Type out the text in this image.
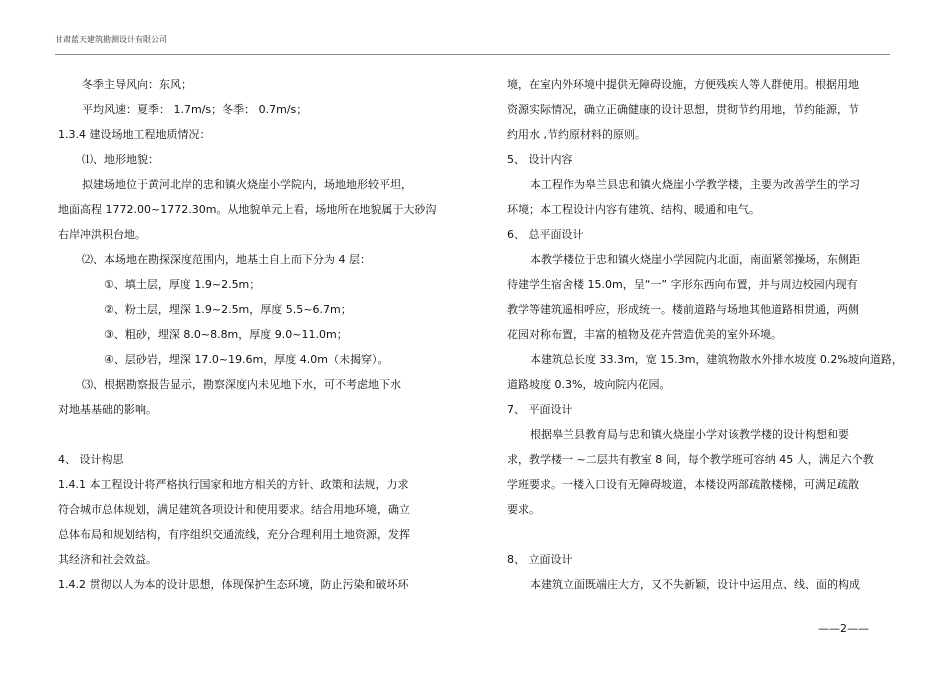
甘肃蓝天建筑勘测设计有限公司
冬季主导风向：东风；
平均风速：夏季： 1.7m/s；冬季： 0.7m/s；
1.3.4 建设场地工程地质情况：
⑴、地形地貌：
拟建场地位于黄河北岸的忠和镇火烧崖小学院内，场地地形较平坦，
地面高程 1772.00~1772.30m。从地貌单元上看，场地所在地貌属于大砂沟
右岸冲洪积台地。
⑵、本场地在勘探深度范围内，地基土自上而下分为 4 层：
①、填土层，厚度 1.9~2.5m；
②、粉土层，埋深 1.9~2.5m，厚度 5.5~6.7m；
③、粗砂，埋深 8.0~8.8m，厚度 9.0~11.0m；
④、层砂岩，埋深 17.0~19.6m，厚度 4.0m（未揭穿）。
⑶、根据勘察报告显示，勘察深度内未见地下水，可不考虑地下水
对地基基础的影响。
4、 设计构思
1.4.1 本工程设计将严格执行国家和地方相关的方针、政策和法规，力求
符合城市总体规划，满足建筑各项设计和使用要求。结合用地环境，确立
总体布局和规划结构，有序组织交通流线，充分合理利用土地资源，发挥
其经济和社会效益。
1.4.2 贯彻以人为本的设计思想，体现保护生态环境，防止污染和破坏环
境，在室内外环境中提供无障碍设施，方便残疾人等人群使用。根据用地
资源实际情况，确立正确健康的设计思想，贯彻节约用地，节约能源，节
约用水 ,节约原材料的原则。
5、 设计内容
本工程作为皋兰县忠和镇火烧崖小学教学楼，主要为改善学生的学习
环境；本工程设计内容有建筑、结构、暖通和电气。
6、 总平面设计
本教学楼位于忠和镇火烧崖小学园院内北面，南面紧邻操场，东侧距
待建学生宿舍楼 15.0m，呈“一” 字形东西向布置，并与周边校园内现有
教学等建筑遥相呼应，形成统一。楼前道路与场地其他道路相贯通，两侧
花园对称布置，丰富的植物及花卉营造优美的室外环境。
本建筑总长度 33.3m，宽 15.3m，建筑物散水外排水坡度 0.2%坡向道路，
道路坡度 0.3%，坡向院内花园。
7、 平面设计
根据皋兰县教育局与忠和镇火烧崖小学对该教学楼的设计构想和要
求，教学楼一 ~二层共有教室 8 间，每个教学班可容纳 45 人，满足六个教
学班要求。一楼入口设有无障碍坡道，本楼设两部疏散楼梯，可满足疏散
要求。
8、 立面设计
本建筑立面既端庄大方，又不失新颖，设计中运用点、线、面的构成
——2——
